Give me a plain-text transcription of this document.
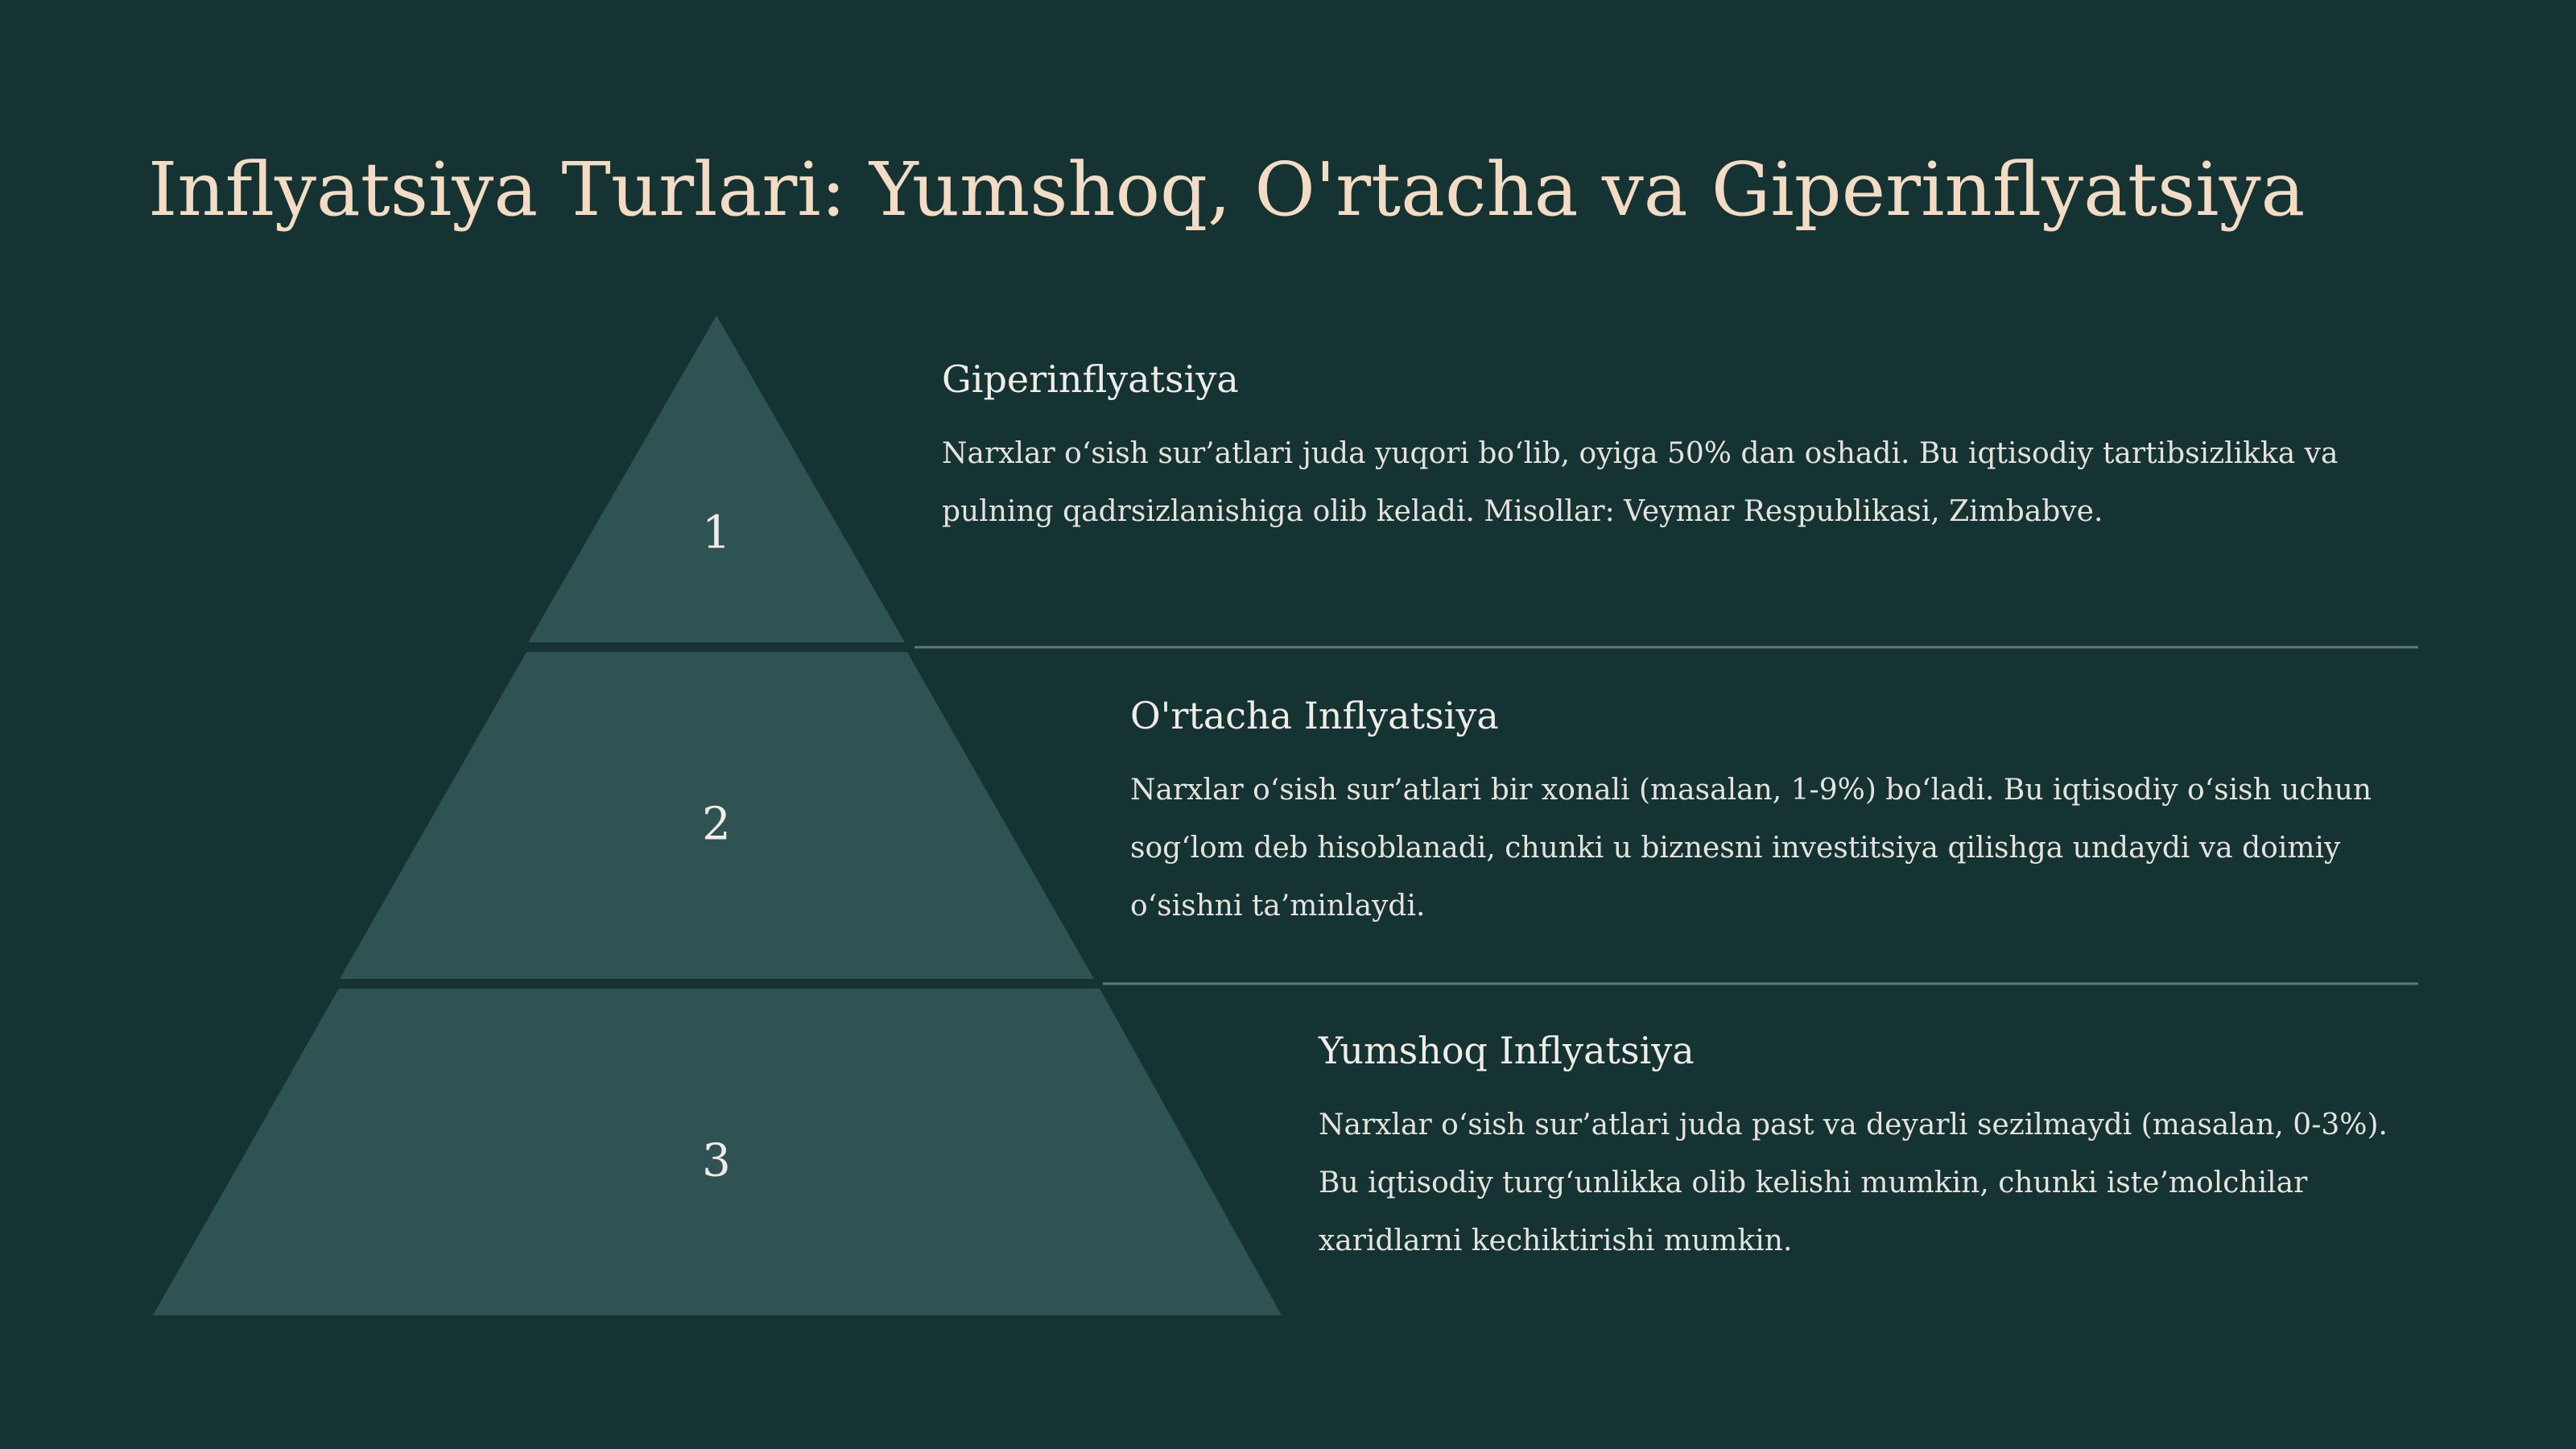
Inflyatsiya Turlari: Yumshoq, O'rtacha va Giperinflyatsiya
1
2
3
Giperinflyatsiya

Narxlar o‘sish sur’atlari juda yuqori bo‘lib, oyiga 50% dan oshadi. Bu iqtisodiy tartibsizlikka va pulning qadrsizlanishiga olib keladi. Misollar: Veymar Respublikasi, Zimbabve.

O'rtacha Inflyatsiya

Narxlar o‘sish sur’atlari bir xonali (masalan, 1-9%) bo‘ladi. Bu iqtisodiy o‘sish uchun sog‘lom deb hisoblanadi, chunki u biznesni investitsiya qilishga undaydi va doimiy o‘sishni ta’minlaydi.

Yumshoq Inflyatsiya

Narxlar o‘sish sur’atlari juda past va deyarli sezilmaydi (masalan, 0-3%). Bu iqtisodiy turg‘unlikka olib kelishi mumkin, chunki iste’molchilar xaridlarni kechiktirishi mumkin.
